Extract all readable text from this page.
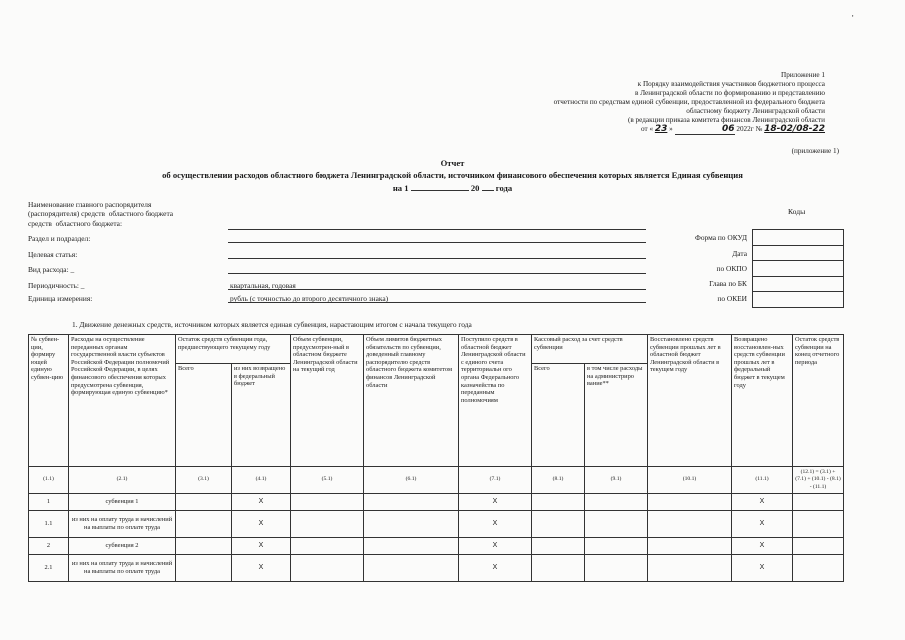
'
Приложение 1
к Порядку взаимодействия участников бюджетного процесса
в Ленинградской области по формированию и представлению
отчетности по средствам единой субвенции, предоставленной из федерального бюджета
областному бюджету Ленинградской области
(в редакции приказа комитета финансов Ленинградской области
от « 23 »	06 2022г № 18-02/08-22
(приложение 1)
Отчет
об осуществлении расходов областного бюджета Ленинградской области, источником финансового обеспечения которых является Единая субвенция
на 1	20 года
Коды
Наименование главного распорядителя
(распорядителя) средств  областного бюджета
средств  областного бюджета:
Форма по ОКУД
Раздел и подраздел:
Целевая статья:	Дата
Вид расхода: _	по ОКПО
Периодичность: _	квартальная, годовая	Глава по БК
Единица измерения:	рубль (с точностью до второго десятичного знака)	по ОКЕИ
1. Движение денежных средств, источником которых является единая субвенция, нарастающим итогом с начала текущего года
№ субвен-ции, формиру ющей единую субвен-цию	Расходы на осуществление переданных органам государственной власти субъектов Российской Федерации полномочий Российской Федерации, в целях финансового обеспечения которых предусмотрена субвенция, формирующая единую субвенцию*	Остаток средств субвенции года, предшествующего текущему году		Объем субвенции, предусмотрен-ный в областном бюджете Ленинградской области на текущий год	Объем лимитов бюджетных обязательств по субвенции, доведенный главному распорядителю средств областного бюджета комитетом финансов Ленинградской области	Поступило средств в областной бюджет Ленинградской области с единого счета территориальн ого органа Федерального казначейства по переданным полномочиям	Кассовый расход за счет средств субвенции		Восстановлено средств субвенции прошлых лет в областной бюджет Ленинградской области в текущем году	Возвращено восстановлен-ных средств субвенции прошлых лет в федеральный бюджет в текущем году	Остаток средств субвенции на конец отчетного периода
		Всего	из них возвращено в федеральный бюджет				Всего	в том числе расходы на администриро вание**			
(1.1)	(2.1)	(3.1)	(4.1)	(5.1)	(6.1)	(7.1)	(8.1)	(9.1)	(10.1)	(11.1)	(12.1) = (3.1) + (7.1) + (10.1) - (8.1) - (11.1)
1	субвенция 1		X			X				X	
1.1	из них на оплату труда и начислений на выплаты по оплате труда		X			X				X	
2	субвенция 2		X			X				X	
2.1	из них на оплату труда и начислений на выплаты по оплате труда		X			X				X	
